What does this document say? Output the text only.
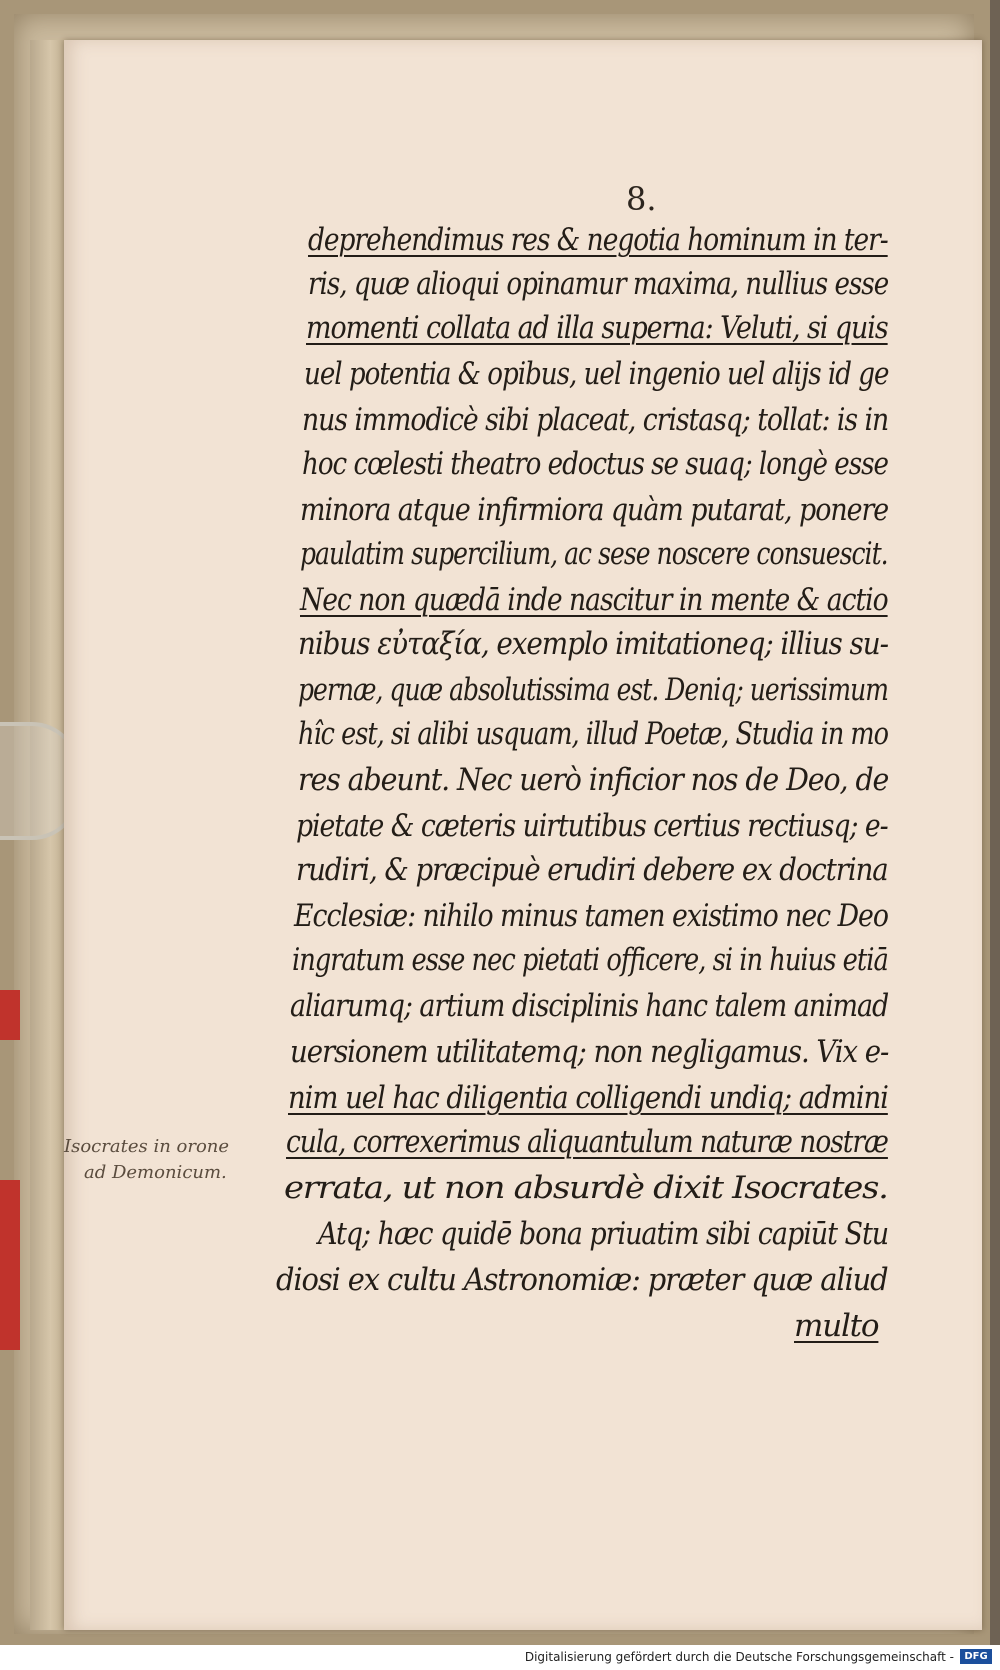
8.
deprehendimus res & negotia hominum in ter-
ris, quæ alioqui opinamur maxima, nullius esse
momenti collata ad illa superna: Veluti, si quis
uel potentia & opibus, uel ingenio uel alijs id ge
nus immodicè sibi placeat, cristasq; tollat: is in
hoc cœlesti theatro edoctus se suaq; longè esse
minora atque infirmiora quàm putarat, ponere
paulatim supercilium, ac sese noscere consuescit.
Nec non quædā inde nascitur in mente & actio
nibus εὐταξία, exemplo imitationeq; illius su-
pernæ, quæ absolutissima est. Deniq; uerissimum
hîc est, si alibi usquam, illud Poetæ, Studia in mo
res abeunt. Nec uerò inficior nos de Deo, de
pietate & cæteris uirtutibus certius rectiusq; e-
rudiri, & præcipuè erudiri debere ex doctrina
Ecclesiæ: nihilo minus tamen existimo nec Deo
ingratum esse nec pietati officere, si in huius etiā
aliarumq; artium disciplinis hanc talem animad
uersionem utilitatemq; non negligamus. Vix e-
nim uel hac diligentia colligendi undiq; admini
cula, correxerimus aliquantulum naturæ nostræ
errata, ut non absurdè dixit Isocrates.
Atq; hæc quidē bona priuatim sibi capiūt Stu
diosi ex cultu Astronomiæ: præter quæ aliud
multo
Isocrates in orone
ad Demonicum.
Digitalisierung gefördert durch die Deutsche Forschungsgemeinschaft -	DFG
